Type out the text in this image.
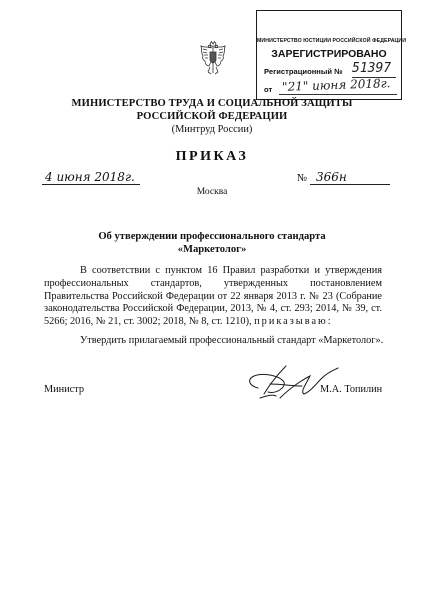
МИНИСТЕРСТВО ЮСТИЦИИ РОССИЙСКОЙ ФЕДЕРАЦИИ
ЗАРЕГИСТРИРОВАНО
Регистрационный № 51397
от "21" июня 2018г.
МИНИСТЕРСТВО ТРУДА И СОЦИАЛЬНОЙ ЗАЩИТЫ
РОССИЙСКОЙ ФЕДЕРАЦИИ
(Минтруд России)
ПРИКАЗ
4 июня 2018г.	№ 366н
Москва
Об утверждении профессионального стандарта
«Маркетолог»

В соответствии с пунктом 16 Правил разработки и утверждения профессиональных стандартов, утвержденных постановлением Правительства Российской Федерации от 22 января 2013 г. № 23 (Собрание законодательства Российской Федерации, 2013, № 4, ст. 293; 2014, № 39, ст. 5266; 2016, № 21, ст. 3002; 2018, № 8, ст. 1210), приказываю:

Утвердить прилагаемый профессиональный стандарт «Маркетолог».
Министр	М.А. Топилин
